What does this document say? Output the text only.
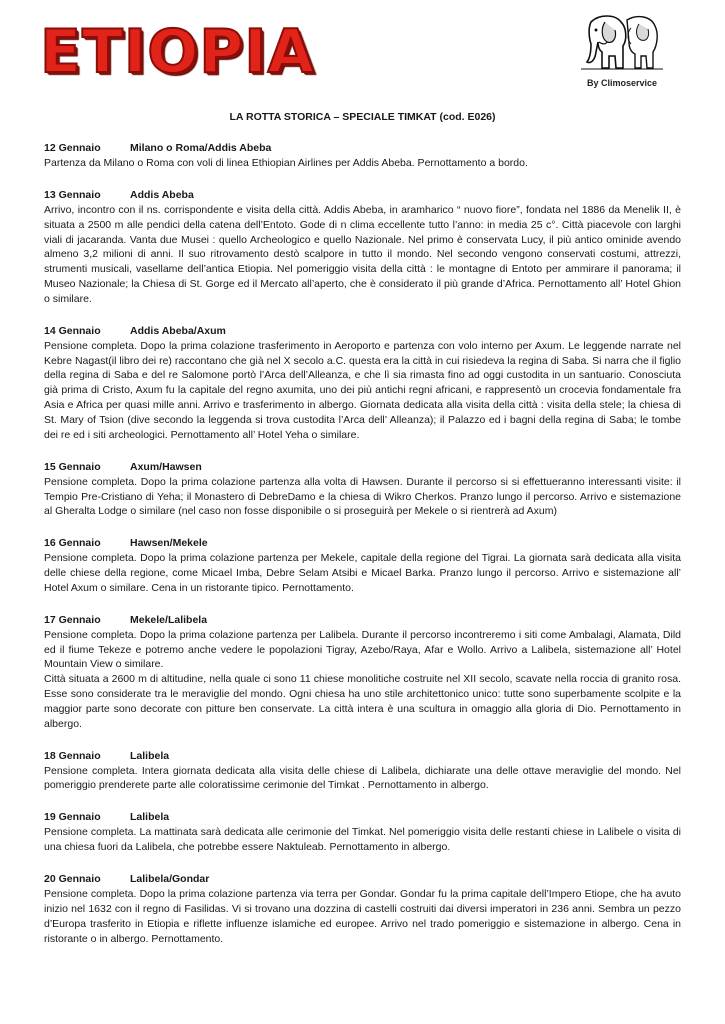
ETIOPIA	By Climoservice
LA ROTTA STORICA – SPECIALE TIMKAT (cod. E026)
12 Gennaio	Milano o Roma/Addis Abeba

Partenza da Milano o Roma con voli di linea Ethiopian Airlines per Addis Abeba. Pernottamento a bordo.

13 Gennaio	Addis Abeba

Arrivo, incontro con il ns. corrispondente e visita della città. Addis Abeba, in aramharico “ nuovo fiore”, fondata nel 1886 da Menelik II, è situata a 2500 m alle pendici della catena dell’Entoto. Gode di n clima eccellente tutto l’anno: in media 25 c°. Città piacevole con larghi viali di jacaranda. Vanta due Musei : quello Archeologico e quello Nazionale. Nel primo è conservata Lucy, il più antico ominide avendo almeno 3,2 milioni di anni. Il suo ritrovamento destò scalpore in tutto il mondo. Nel secondo vengono conservati costumi, attrezzi, strumenti musicali, vasellame dell’antica Etiopia. Nel pomeriggio visita della città : le montagne di Entoto per ammirare il panorama; il Museo Nazionale; la Chiesa di St. Gorge ed il Mercato all’aperto, che è considerato il più grande d’Africa. Pernottamento all’ Hotel Ghion o similare.

14 Gennaio	Addis Abeba/Axum

Pensione completa. Dopo la prima colazione trasferimento in Aeroporto e partenza con volo interno per Axum. Le leggende narrate nel Kebre Nagast(il libro dei re) raccontano che già nel X secolo a.C. questa era la città in cui risiedeva la regina di Saba. Si narra che il figlio della regina di Saba e del re Salomone portò l’Arca dell’Alleanza, e che lì sia rimasta fino ad oggi custodita in un santuario. Conosciuta già prima di Cristo, Axum fu la capitale del regno axumita, uno dei più antichi regni africani, e rappresentò un crocevia fondamentale fra Asia e Africa per quasi mille anni. Arrivo e trasferimento in albergo. Giornata dedicata alla visita della città : visita della stele; la chiesa di St. Mary of Tsion (dive secondo la leggenda si trova custodita l’Arca dell’ Alleanza); il Palazzo ed i bagni della regina di Saba; le tombe dei re ed i siti archeologici. Pernottamento all’ Hotel Yeha o similare.

15 Gennaio	Axum/Hawsen

Pensione completa. Dopo la prima colazione partenza alla volta di Hawsen. Durante il percorso si si effettueranno interessanti visite: il Tempio Pre-Cristiano di Yeha; il Monastero di DebreDamo e la chiesa di Wikro Cherkos. Pranzo lungo il percorso. Arrivo e sistemazione al Gheralta Lodge o similare (nel caso non fosse disponibile o si proseguirà per Mekele o si rientrerà ad Axum)

16 Gennaio	Hawsen/Mekele

Pensione completa. Dopo la prima colazione partenza per Mekele, capitale della regione del Tigrai. La giornata sarà dedicata alla visita delle chiese della regione, come Micael Imba, Debre Selam Atsibi e Micael Barka. Pranzo lungo il percorso. Arrivo e sistemazione all’ Hotel Axum o similare. Cena in un ristorante tipico. Pernottamento.

17 Gennaio	Mekele/Lalibela

Pensione completa. Dopo la prima colazione partenza per Lalibela. Durante il percorso incontreremo i siti come Ambalagi, Alamata, Dild ed il fiume Tekeze e potremo anche vedere le popolazioni Tigray, Azebo/Raya, Afar e Wollo. Arrivo a Lalibela, sistemazione all’ Hotel Mountain View o similare.

Città situata a 2600 m di altitudine, nella quale ci sono 11 chiese monolitiche costruite nel XII secolo, scavate nella roccia di granito rosa. Esse sono considerate tra le meraviglie del mondo. Ogni chiesa ha uno stile architettonico unico: tutte sono superbamente scolpite e la maggior parte sono decorate con pitture ben conservate. La città intera è una scultura in omaggio alla gloria di Dio. Pernottamento in albergo.

18 Gennaio	Lalibela

Pensione completa. Intera giornata dedicata alla visita delle chiese di Lalibela, dichiarate una delle ottave meraviglie del mondo. Nel pomeriggio prenderete parte alle coloratissime cerimonie del Timkat . Pernottamento in albergo.

19 Gennaio	Lalibela

Pensione completa. La mattinata sarà dedicata alle cerimonie del Timkat. Nel pomeriggio visita delle restanti chiese in Lalibele o visita di una chiesa fuori da Lalibela, che potrebbe essere Naktuleab. Pernottamento in albergo.

20 Gennaio	Lalibela/Gondar

Pensione completa. Dopo la prima colazione partenza via terra per Gondar. Gondar fu la prima capitale dell’Impero Etiope, che ha avuto inizio nel 1632 con il regno di Fasilidas. Vi si trovano una dozzina di castelli costruiti dai diversi imperatori in 236 anni. Sembra un pezzo d’Europa trasferito in Etiopia e riflette influenze islamiche ed europee. Arrivo nel trado pomeriggio e sistemazione in albergo. Cena in ristorante o in albergo. Pernottamento.
